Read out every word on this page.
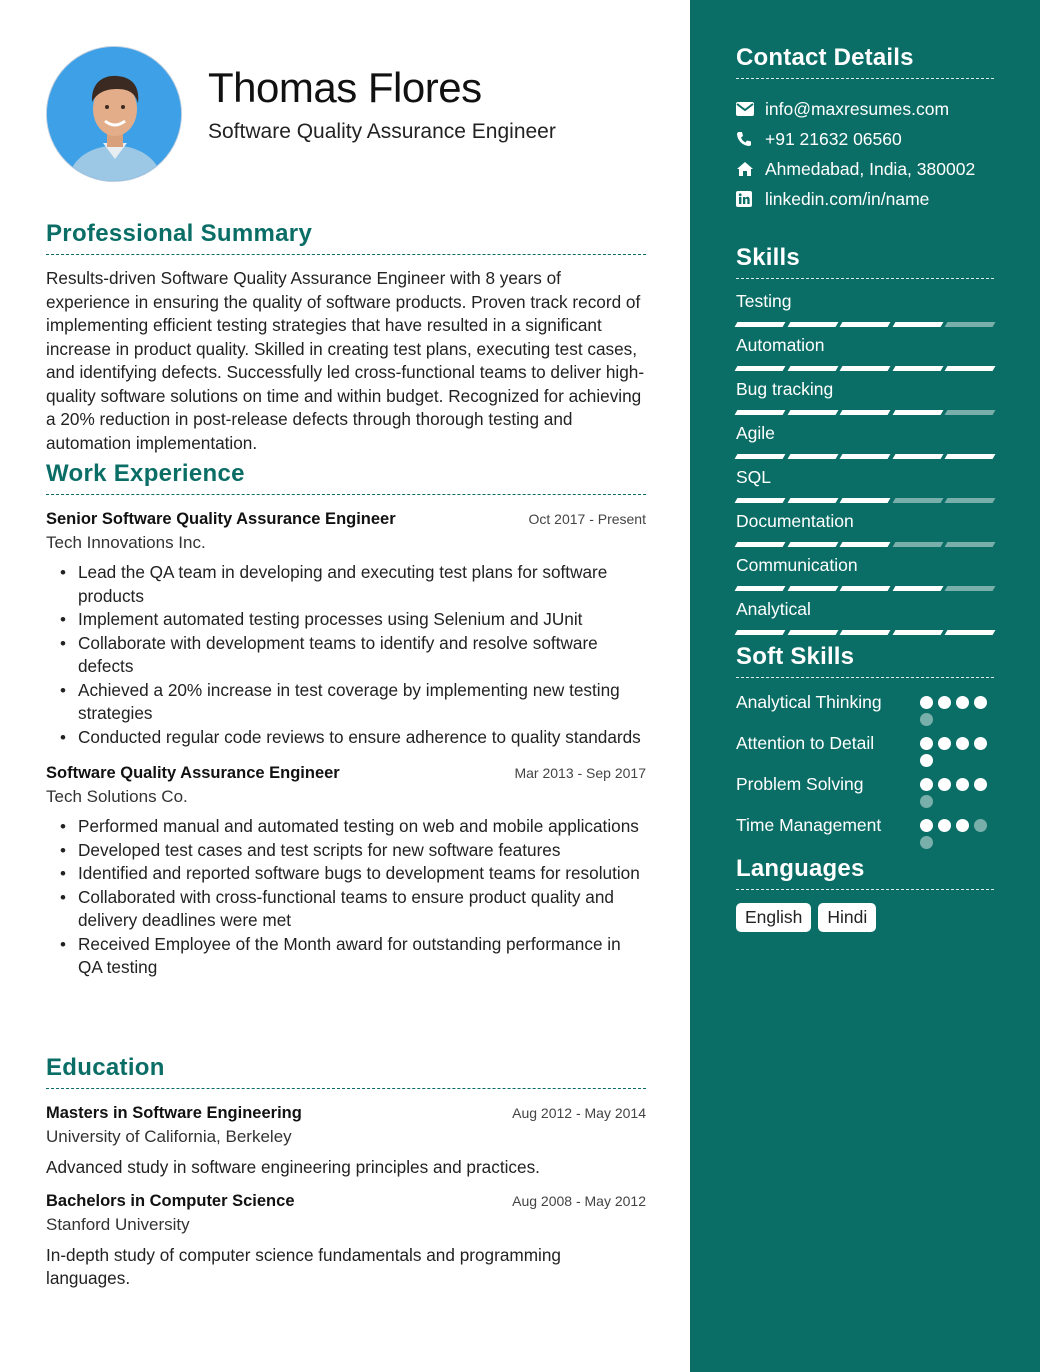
Thomas Flores
Software Quality Assurance Engineer
Professional Summary
Results-driven Software Quality Assurance Engineer with 8 years of experience in ensuring the quality of software products. Proven track record of implementing efficient testing strategies that have resulted in a significant increase in product quality. Skilled in creating test plans, executing test cases, and identifying defects. Successfully led cross-functional teams to deliver high-quality software solutions on time and within budget. Recognized for achieving a 20% reduction in post-release defects through thorough testing and automation implementation.
Work Experience
Senior Software Quality Assurance Engineer	Oct 2017 - Present
Tech Innovations Inc.
• Lead the QA team in developing and executing test plans for software products
• Implement automated testing processes using Selenium and JUnit
• Collaborate with development teams to identify and resolve software defects
• Achieved a 20% increase in test coverage by implementing new testing strategies
• Conducted regular code reviews to ensure adherence to quality standards
Software Quality Assurance Engineer	Mar 2013 - Sep 2017
Tech Solutions Co.
• Performed manual and automated testing on web and mobile applications
• Developed test cases and test scripts for new software features
• Identified and reported software bugs to development teams for resolution
• Collaborated with cross-functional teams to ensure product quality and delivery deadlines were met
• Received Employee of the Month award for outstanding performance in QA testing
Education
Masters in Software Engineering	Aug 2012 - May 2014
University of California, Berkeley
Advanced study in software engineering principles and practices.
Bachelors in Computer Science	Aug 2008 - May 2012
Stanford University
In-depth study of computer science fundamentals and programming languages.
Contact Details
info@maxresumes.com
+91 21632 06560
Ahmedabad, India, 380002
linkedin.com/in/name
Skills
Testing
Automation
Bug tracking
Agile
SQL
Documentation
Communication
Analytical
Soft Skills
Analytical Thinking
Attention to Detail
Problem Solving
Time Management
Languages
English	Hindi
